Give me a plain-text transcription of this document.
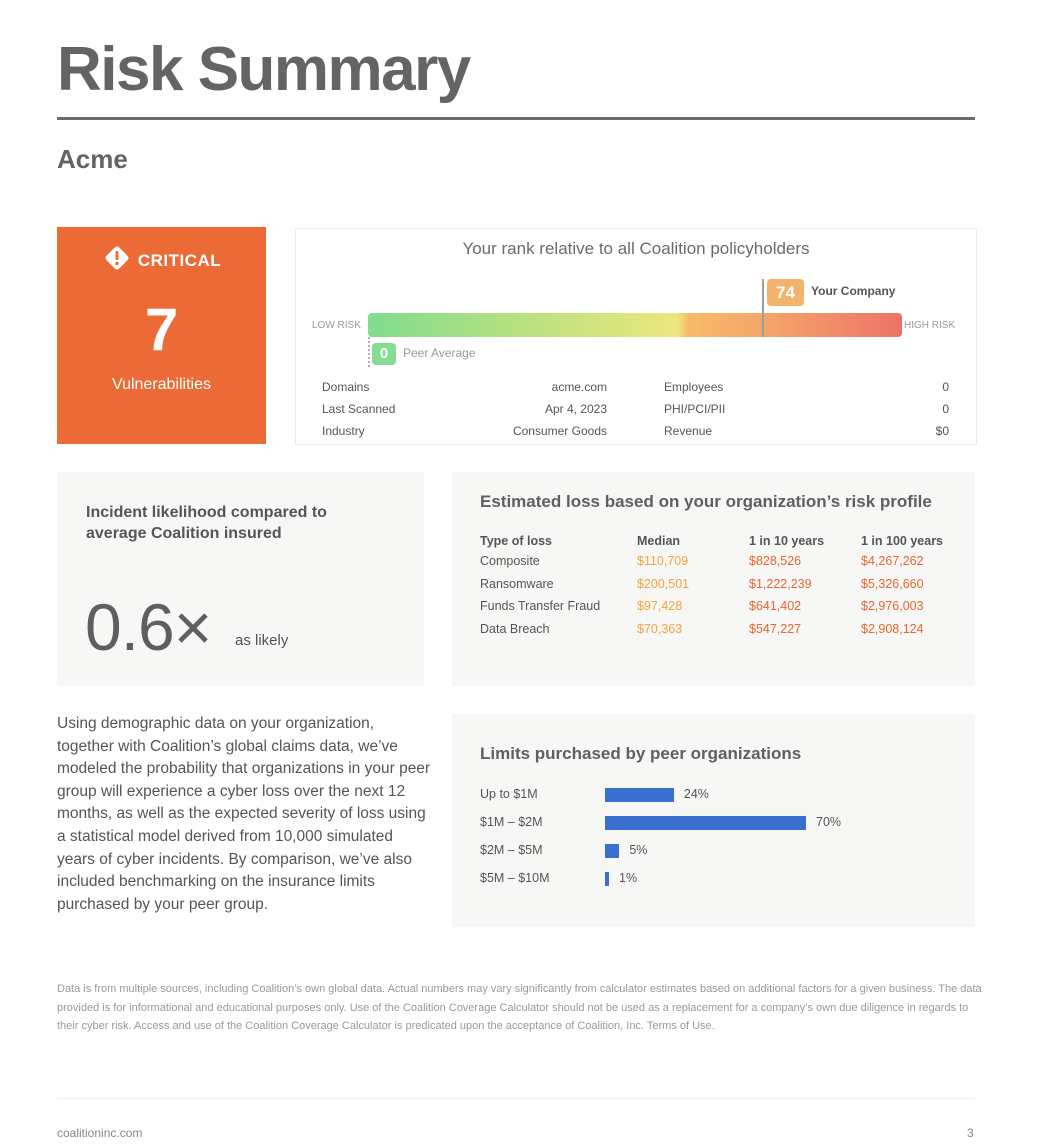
Risk Summary
Acme
CRITICAL
7
Vulnerabilities
Your rank relative to all Coalition policyholders
LOW RISK	HIGH RISK
74	Your Company
0	Peer Average
Domains	acme.com
Last Scanned	Apr 4, 2023
Industry	Consumer Goods
Employees	0
PHI/PCI/PII	0
Revenue	$0
Incident likelihood compared to average Coalition insured
0.6× as likely
Estimated loss based on your organization’s risk profile
Type of loss	Median	1 in 10 years	1 in 100 years
Composite	$110,709	$828,526	$4,267,262
Ransomware	$200,501	$1,222,239	$5,326,660
Funds Transfer Fraud	$97,428	$641,402	$2,976,003
Data Breach	$70,363	$547,227	$2,908,124
Using demographic data on your organization, together with Coalition’s global claims data, we’ve modeled the probability that organizations in your peer group will experience a cyber loss over the next 12 months, as well as the expected severity of loss using a statistical model derived from 10,000 simulated years of cyber incidents. By comparison, we’ve also included benchmarking on the insurance limits purchased by your peer group.
Limits purchased by peer organizations
Up to $1M	24%
$1M – $2M	70%
$2M – $5M	5%
$5M – $10M	1%
Data is from multiple sources, including Coalition’s own global data. Actual numbers may vary significantly from calculator estimates based on additional factors for a given business. The data provided is for informational and educational purposes only. Use of the Coalition Coverage Calculator should not be used as a replacement for a company’s own due diligence in regards to their cyber risk. Access and use of the Coalition Coverage Calculator is predicated upon the acceptance of Coalition, Inc. Terms of Use.
coalitioninc.com	3
